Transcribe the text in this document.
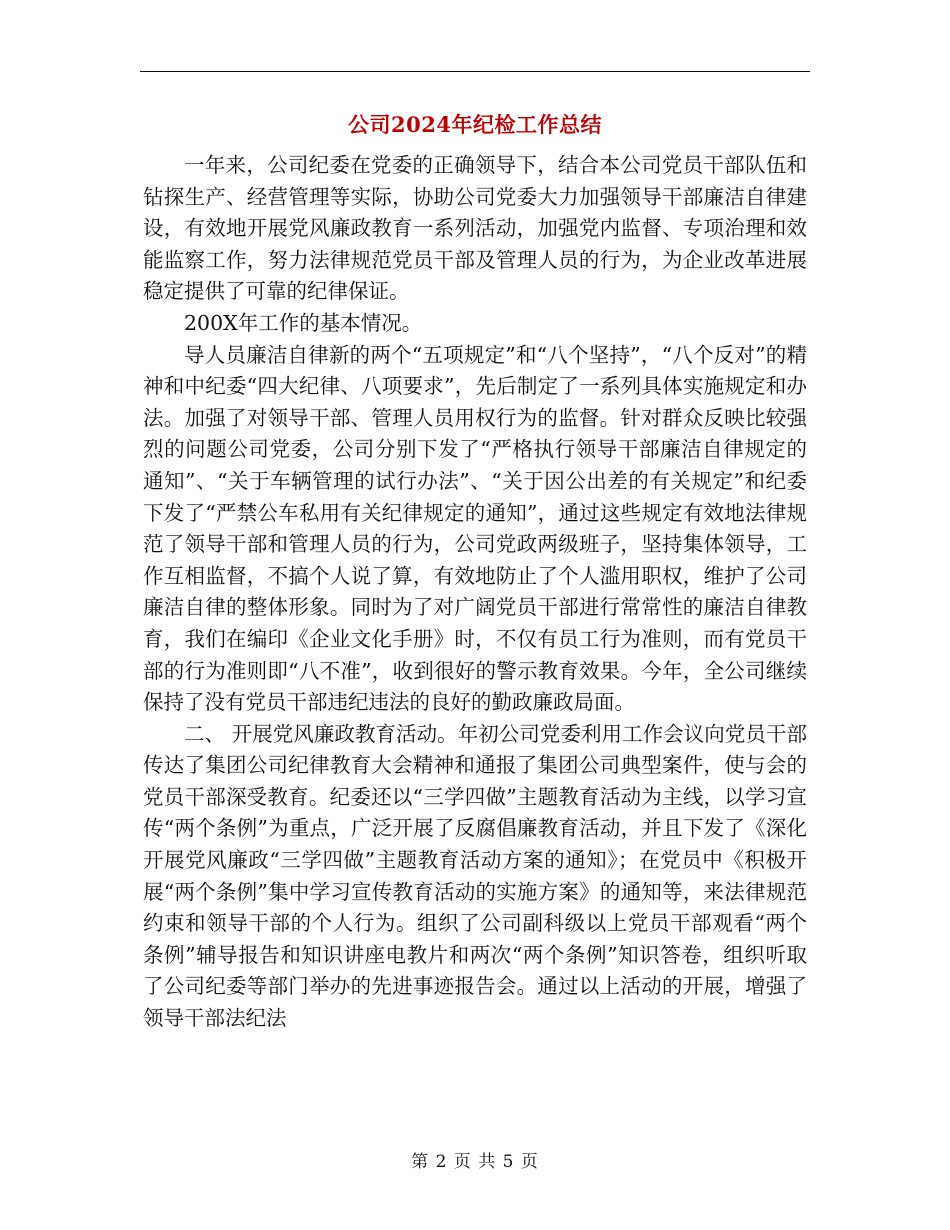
公司2024年纪检工作总结

一年来，公司纪委在党委的正确领导下，结合本公司党员干部队伍和钻探生产、经营管理等实际，协助公司党委大力加强领导干部廉洁自律建设，有效地开展党风廉政教育一系列活动，加强党内监督、专项治理和效能监察工作，努力法律规范党员干部及管理人员的行为，为企业改革进展稳定提供了可靠的纪律保证。

200X年工作的基本情况。

导人员廉洁自律新的两个“五项规定”和“八个坚持”，“八个反对”的精神和中纪委“四大纪律、八项要求”，先后制定了一系列具体实施规定和办法。加强了对领导干部、管理人员用权行为的监督。针对群众反映比较强烈的问题公司党委，公司分别下发了“严格执行领导干部廉洁自律规定的通知”、“关于车辆管理的试行办法”、“关于因公出差的有关规定”和纪委下发了“严禁公车私用有关纪律规定的通知”，通过这些规定有效地法律规范了领导干部和管理人员的行为，公司党政两级班子，坚持集体领导，工作互相监督，不搞个人说了算，有效地防止了个人滥用职权，维护了公司廉洁自律的整体形象。同时为了对广阔党员干部进行常常性的廉洁自律教育，我们在编印《企业文化手册》时，不仅有员工行为准则，而有党员干部的行为准则即“八不准”，收到很好的警示教育效果。今年，全公司继续保持了没有党员干部违纪违法的良好的勤政廉政局面。

二、 开展党风廉政教育活动。年初公司党委利用工作会议向党员干部传达了集团公司纪律教育大会精神和通报了集团公司典型案件，使与会的党员干部深受教育。纪委还以“三学四做”主题教育活动为主线，以学习宣传“两个条例”为重点，广泛开展了反腐倡廉教育活动，并且下发了《深化开展党风廉政“三学四做”主题教育活动方案的通知》；在党员中《积极开展“两个条例”集中学习宣传教育活动的实施方案》的通知等，来法律规范约束和领导干部的个人行为。组织了公司副科级以上党员干部观看“两个条例”辅导报告和知识讲座电教片和两次“两个条例”知识答卷，组织听取了公司纪委等部门举办的先进事迹报告会。通过以上活动的开展，增强了领导干部法纪法

第 2 页 共 5 页
